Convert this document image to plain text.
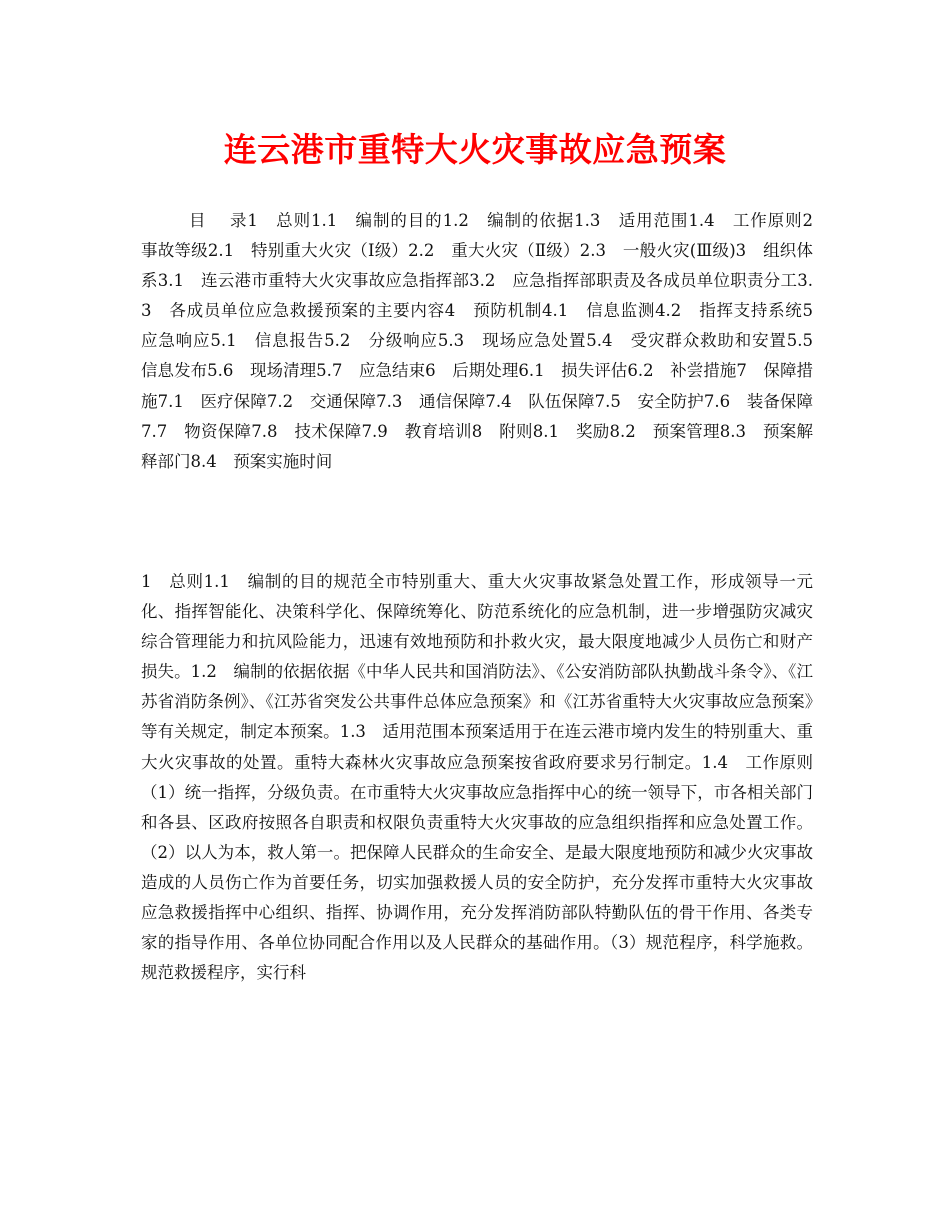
连云港市重特大火灾事故应急预案
目　 录1　总则1.1　编制的目的1.2　编制的依据1.3　适用范围1.4　工作原则2　事故等级2.1　特别重大火灾（Ⅰ级）2.2　重大火灾（Ⅱ级）2.3　一般火灾(Ⅲ级)3　组织体系3.1　连云港市重特大火灾事故应急指挥部3.2　应急指挥部职责及各成员单位职责分工3.3　各成员单位应急救援预案的主要内容4　预防机制4.1　信息监测4.2　指挥支持系统5　应急响应5.1　信息报告5.2　分级响应5.3　现场应急处置5.4　受灾群众救助和安置5.5　信息发布5.6　现场清理5.7　应急结束6　后期处理6.1　损失评估6.2　补尝措施7　保障措施7.1　医疗保障7.2　交通保障7.3　通信保障7.4　队伍保障7.5　安全防护7.6　装备保障7.7　物资保障7.8　技术保障7.9　教育培训8　附则8.1　奖励8.2　预案管理8.3　预案解释部门8.4　预案实施时间
1　总则1.1　编制的目的规范全市特别重大、重大火灾事故紧急处置工作，形成领导一元化、指挥智能化、决策科学化、保障统筹化、防范系统化的应急机制，进一步增强防灾减灾综合管理能力和抗风险能力，迅速有效地预防和扑救火灾，最大限度地减少人员伤亡和财产损失。1.2　编制的依据依据《中华人民共和国消防法》、《公安消防部队执勤战斗条令》、《江苏省消防条例》、《江苏省突发公共事件总体应急预案》和《江苏省重特大火灾事故应急预案》等有关规定，制定本预案。1.3　适用范围本预案适用于在连云港市境内发生的特别重大、重大火灾事故的处置。重特大森林火灾事故应急预案按省政府要求另行制定。1.4　工作原则（1）统一指挥，分级负责。在市重特大火灾事故应急指挥中心的统一领导下，市各相关部门和各县、区政府按照各自职责和权限负责重特大火灾事故的应急组织指挥和应急处置工作。（2）以人为本，救人第一。把保障人民群众的生命安全、是最大限度地预防和减少火灾事故造成的人员伤亡作为首要任务，切实加强救援人员的安全防护，充分发挥市重特大火灾事故应急救援指挥中心组织、指挥、协调作用，充分发挥消防部队特勤队伍的骨干作用、各类专家的指导作用、各单位协同配合作用以及人民群众的基础作用。（3）规范程序，科学施救。规范救援程序，实行科
